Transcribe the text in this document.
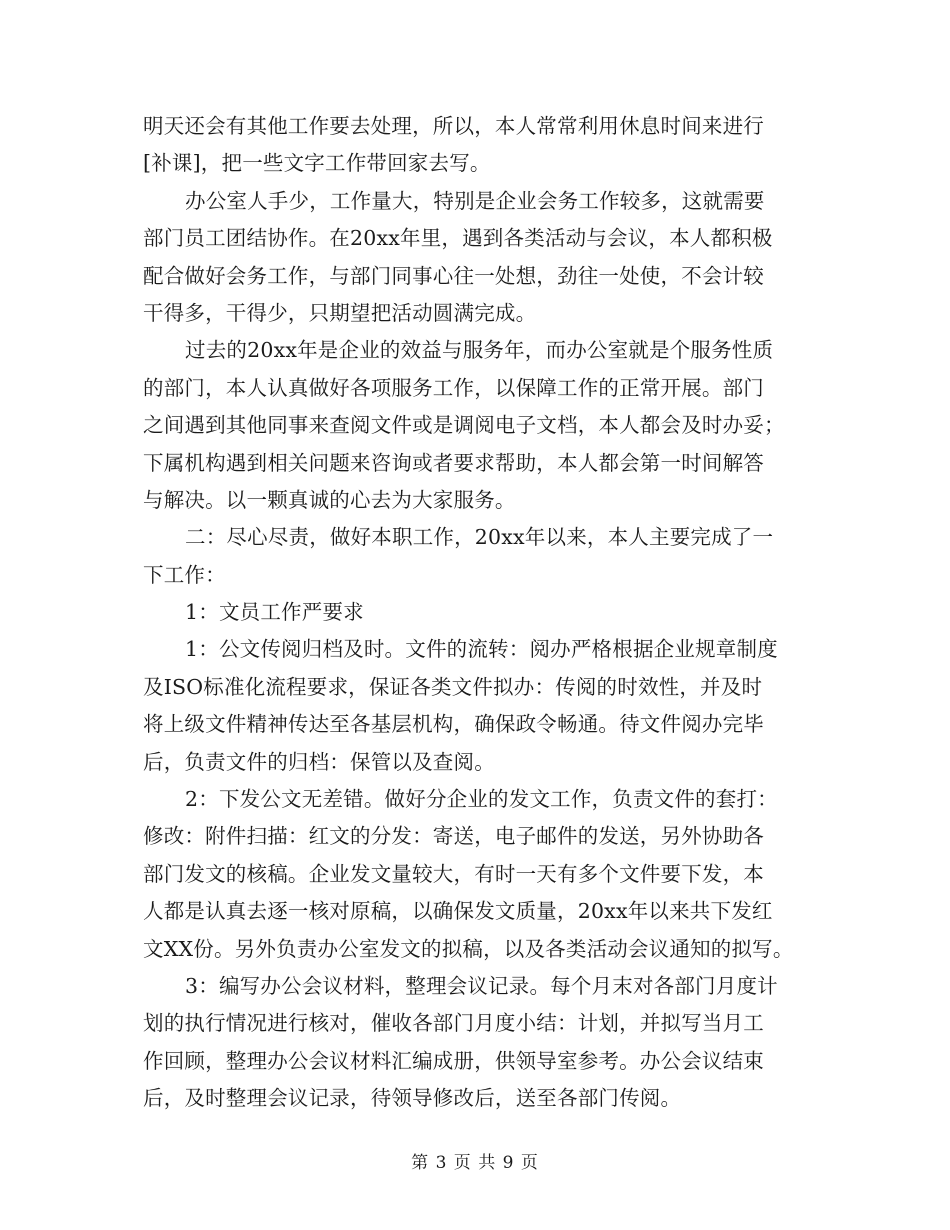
明天还会有其他工作要去处理，所以，本人常常利用休息时间来进行
[补课]，把一些文字工作带回家去写。
办公室人手少，工作量大，特别是企业会务工作较多，这就需要
部门员工团结协作。在20xx年里，遇到各类活动与会议，本人都积极
配合做好会务工作，与部门同事心往一处想，劲往一处使，不会计较
干得多，干得少，只期望把活动圆满完成。
过去的20xx年是企业的效益与服务年，而办公室就是个服务性质
的部门，本人认真做好各项服务工作，以保障工作的正常开展。部门
之间遇到其他同事来查阅文件或是调阅电子文档，本人都会及时办妥；
下属机构遇到相关问题来咨询或者要求帮助，本人都会第一时间解答
与解决。以一颗真诚的心去为大家服务。
二：尽心尽责，做好本职工作，20xx年以来，本人主要完成了一
下工作：
1：文员工作严要求
1：公文传阅归档及时。文件的流转：阅办严格根据企业规章制度
及ISO标准化流程要求，保证各类文件拟办：传阅的时效性，并及时
将上级文件精神传达至各基层机构，确保政令畅通。待文件阅办完毕
后，负责文件的归档：保管以及查阅。
2：下发公文无差错。做好分企业的发文工作，负责文件的套打：
修改：附件扫描：红文的分发：寄送，电子邮件的发送，另外协助各
部门发文的核稿。企业发文量较大，有时一天有多个文件要下发，本
人都是认真去逐一核对原稿，以确保发文质量，20xx年以来共下发红
文XX份。另外负责办公室发文的拟稿，以及各类活动会议通知的拟写。
3：编写办公会议材料，整理会议记录。每个月末对各部门月度计
划的执行情况进行核对，催收各部门月度小结：计划，并拟写当月工
作回顾，整理办公会议材料汇编成册，供领导室参考。办公会议结束
后，及时整理会议记录，待领导修改后，送至各部门传阅。
第 3 页 共 9 页
